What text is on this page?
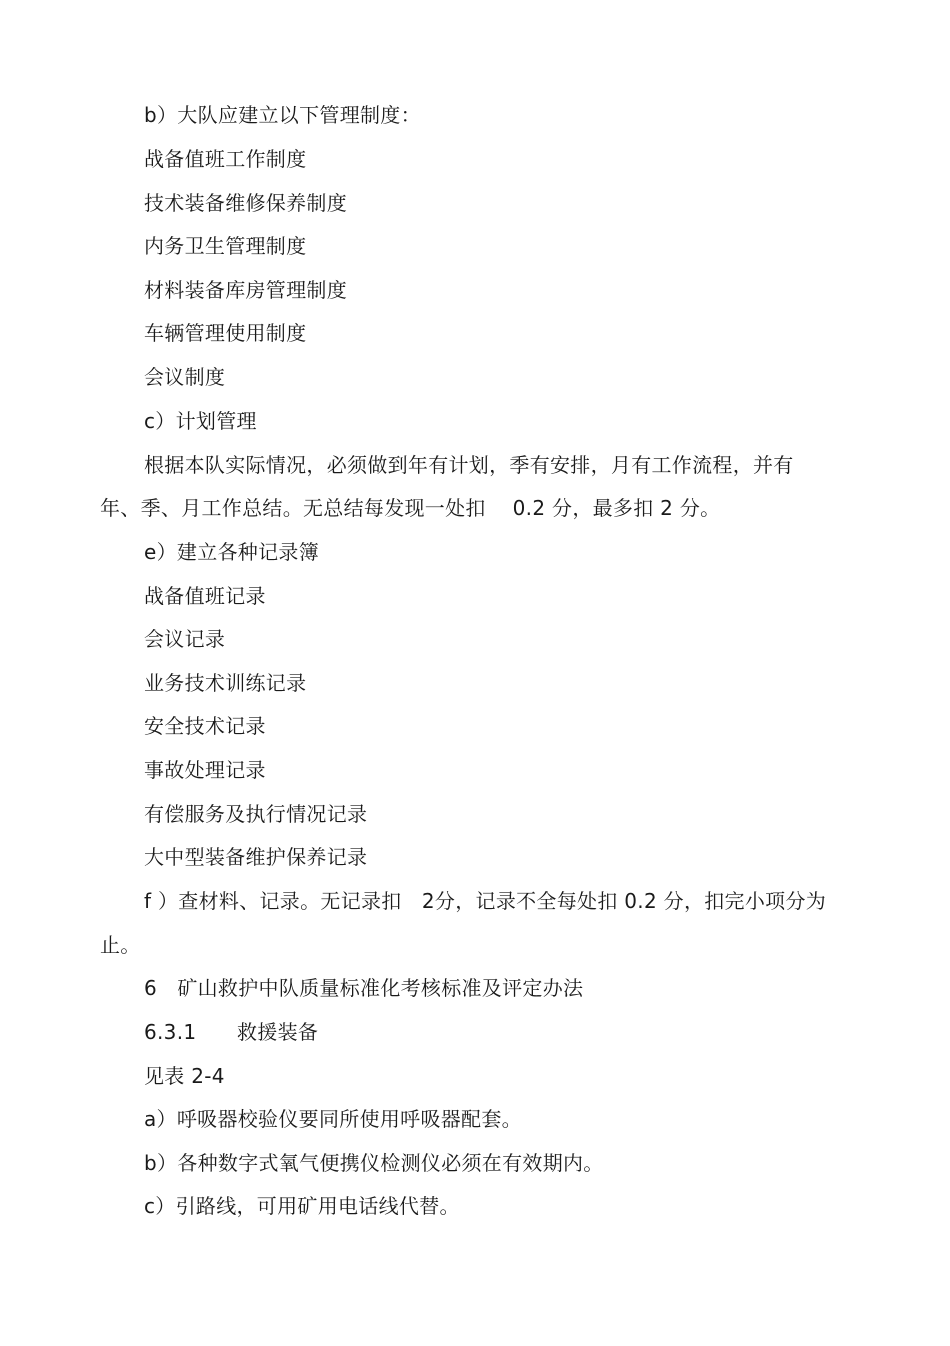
b）大队应建立以下管理制度：
战备值班工作制度
技术装备维修保养制度
内务卫生管理制度
材料装备库房管理制度
车辆管理使用制度
会议制度
c）计划管理
根据本队实际情况，必须做到年有计划，季有安排，月有工作流程，并有
年、季、月工作总结。无总结每发现一处扣　 0.2 分，最多扣 2 分。
e）建立各种记录簿
战备值班记录
会议记录
业务技术训练记录
安全技术记录
事故处理记录
有偿服务及执行情况记录
大中型装备维护保养记录
f ）查材料、记录。无记录扣　2分，记录不全每处扣 0.2 分，扣完小项分为
止。
6　矿山救护中队质量标准化考核标准及评定办法
6.3.1　　救援装备
见表 2-4
a）呼吸器校验仪要同所使用呼吸器配套。
b）各种数字式氧气便携仪检测仪必须在有效期内。
c）引路线，可用矿用电话线代替。
